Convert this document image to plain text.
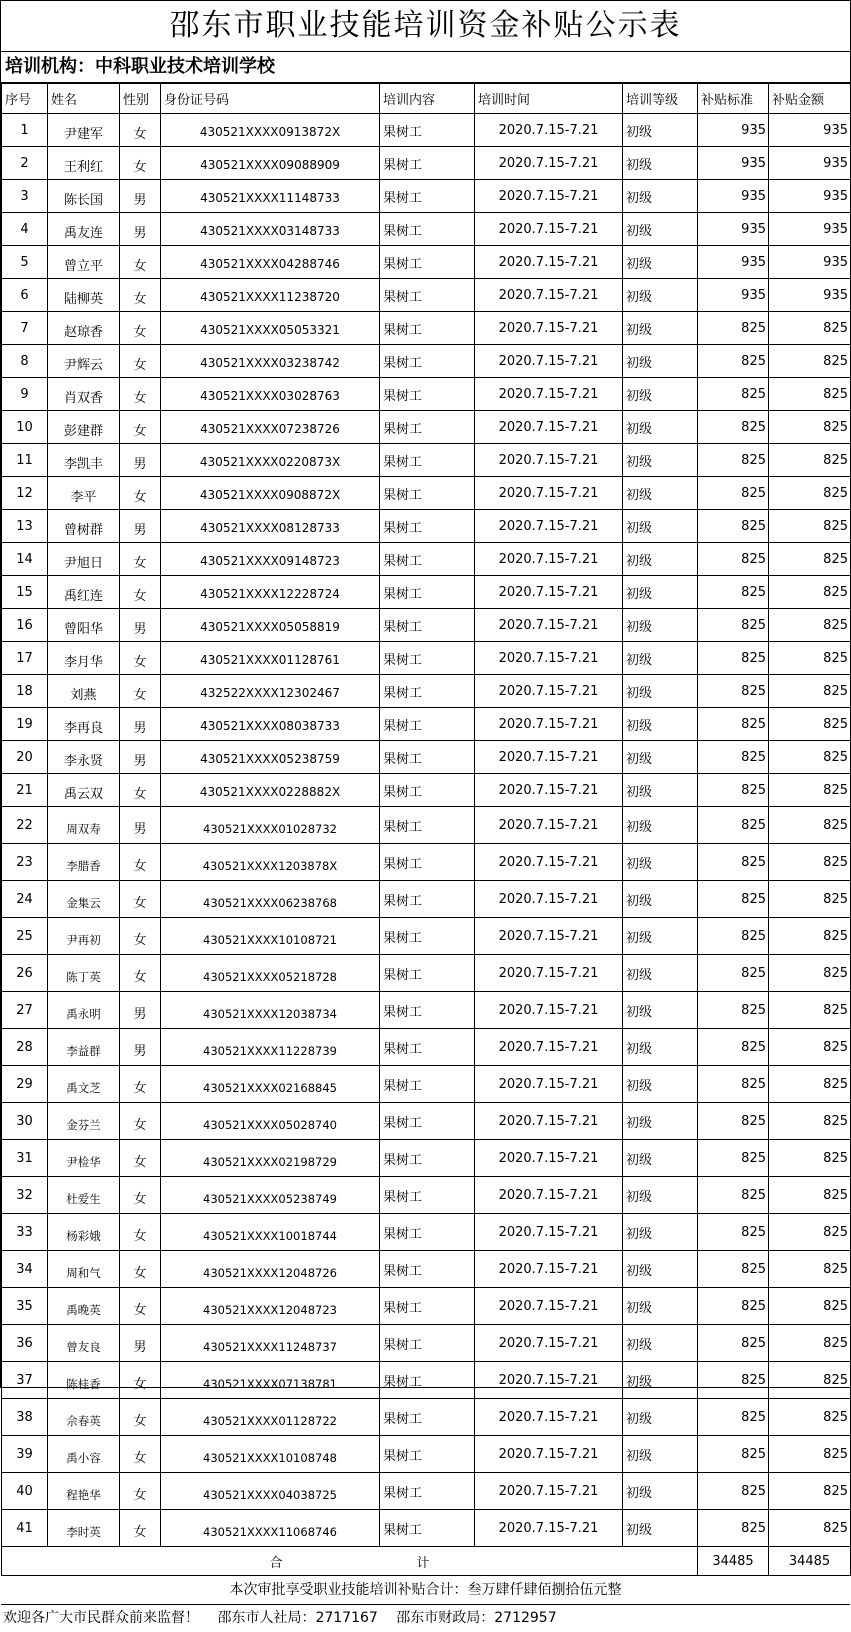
邵东市职业技能培训资金补贴公示表
培训机构：中科职业技术培训学校
序号	姓名	性别	身份证号码	培训内容	培训时间	培训等级	补贴标准	补贴金额
1	尹建军	女	430521XXXX0913872X	果树工	2020.7.15-7.21	初级	935	935
2	王利红	女	430521XXXX09088909	果树工	2020.7.15-7.21	初级	935	935
3	陈长国	男	430521XXXX11148733	果树工	2020.7.15-7.21	初级	935	935
4	禹友连	男	430521XXXX03148733	果树工	2020.7.15-7.21	初级	935	935
5	曾立平	女	430521XXXX04288746	果树工	2020.7.15-7.21	初级	935	935
6	陆柳英	女	430521XXXX11238720	果树工	2020.7.15-7.21	初级	935	935
7	赵琼香	女	430521XXXX05053321	果树工	2020.7.15-7.21	初级	825	825
8	尹辉云	女	430521XXXX03238742	果树工	2020.7.15-7.21	初级	825	825
9	肖双香	女	430521XXXX03028763	果树工	2020.7.15-7.21	初级	825	825
10	彭建群	女	430521XXXX07238726	果树工	2020.7.15-7.21	初级	825	825
11	李凯丰	男	430521XXXX0220873X	果树工	2020.7.15-7.21	初级	825	825
12	李平	女	430521XXXX0908872X	果树工	2020.7.15-7.21	初级	825	825
13	曾树群	男	430521XXXX08128733	果树工	2020.7.15-7.21	初级	825	825
14	尹旭日	女	430521XXXX09148723	果树工	2020.7.15-7.21	初级	825	825
15	禹红连	女	430521XXXX12228724	果树工	2020.7.15-7.21	初级	825	825
16	曾阳华	男	430521XXXX05058819	果树工	2020.7.15-7.21	初级	825	825
17	李月华	女	430521XXXX01128761	果树工	2020.7.15-7.21	初级	825	825
18	刘燕	女	432522XXXX12302467	果树工	2020.7.15-7.21	初级	825	825
19	李再良	男	430521XXXX08038733	果树工	2020.7.15-7.21	初级	825	825
20	李永贤	男	430521XXXX05238759	果树工	2020.7.15-7.21	初级	825	825
21	禹云双	女	430521XXXX0228882X	果树工	2020.7.15-7.21	初级	825	825
22	周双寿	男	430521XXXX01028732	果树工	2020.7.15-7.21	初级	825	825
23	李腊香	女	430521XXXX1203878X	果树工	2020.7.15-7.21	初级	825	825
24	金集云	女	430521XXXX06238768	果树工	2020.7.15-7.21	初级	825	825
25	尹再初	女	430521XXXX10108721	果树工	2020.7.15-7.21	初级	825	825
26	陈丁英	女	430521XXXX05218728	果树工	2020.7.15-7.21	初级	825	825
27	禹永明	男	430521XXXX12038734	果树工	2020.7.15-7.21	初级	825	825
28	李益群	男	430521XXXX11228739	果树工	2020.7.15-7.21	初级	825	825
29	禹文芝	女	430521XXXX02168845	果树工	2020.7.15-7.21	初级	825	825
30	金芬兰	女	430521XXXX05028740	果树工	2020.7.15-7.21	初级	825	825
31	尹检华	女	430521XXXX02198729	果树工	2020.7.15-7.21	初级	825	825
32	杜爱生	女	430521XXXX05238749	果树工	2020.7.15-7.21	初级	825	825
33	杨彩娥	女	430521XXXX10018744	果树工	2020.7.15-7.21	初级	825	825
34	周和气	女	430521XXXX12048726	果树工	2020.7.15-7.21	初级	825	825
35	禹晚英	女	430521XXXX12048723	果树工	2020.7.15-7.21	初级	825	825
36	曾友良	男	430521XXXX11248737	果树工	2020.7.15-7.21	初级	825	825
37	陈桂香	女	430521XXXX07138781	果树工	2020.7.15-7.21	初级	825	825
38	佘春英	女	430521XXXX01128722	果树工	2020.7.15-7.21	初级	825	825
39	禹小容	女	430521XXXX10108748	果树工	2020.7.15-7.21	初级	825	825
40	程艳华	女	430521XXXX04038725	果树工	2020.7.15-7.21	初级	825	825
41	李时英	女	430521XXXX11068746	果树工	2020.7.15-7.21	初级	825	825
合 计							34485	34485
本次审批享受职业技能培训补贴合计：叁万肆仟肆佰捌拾伍元整
欢迎各广大市民群众前来监督！ 邵东市人社局：2717167 邵东市财政局：2712957
